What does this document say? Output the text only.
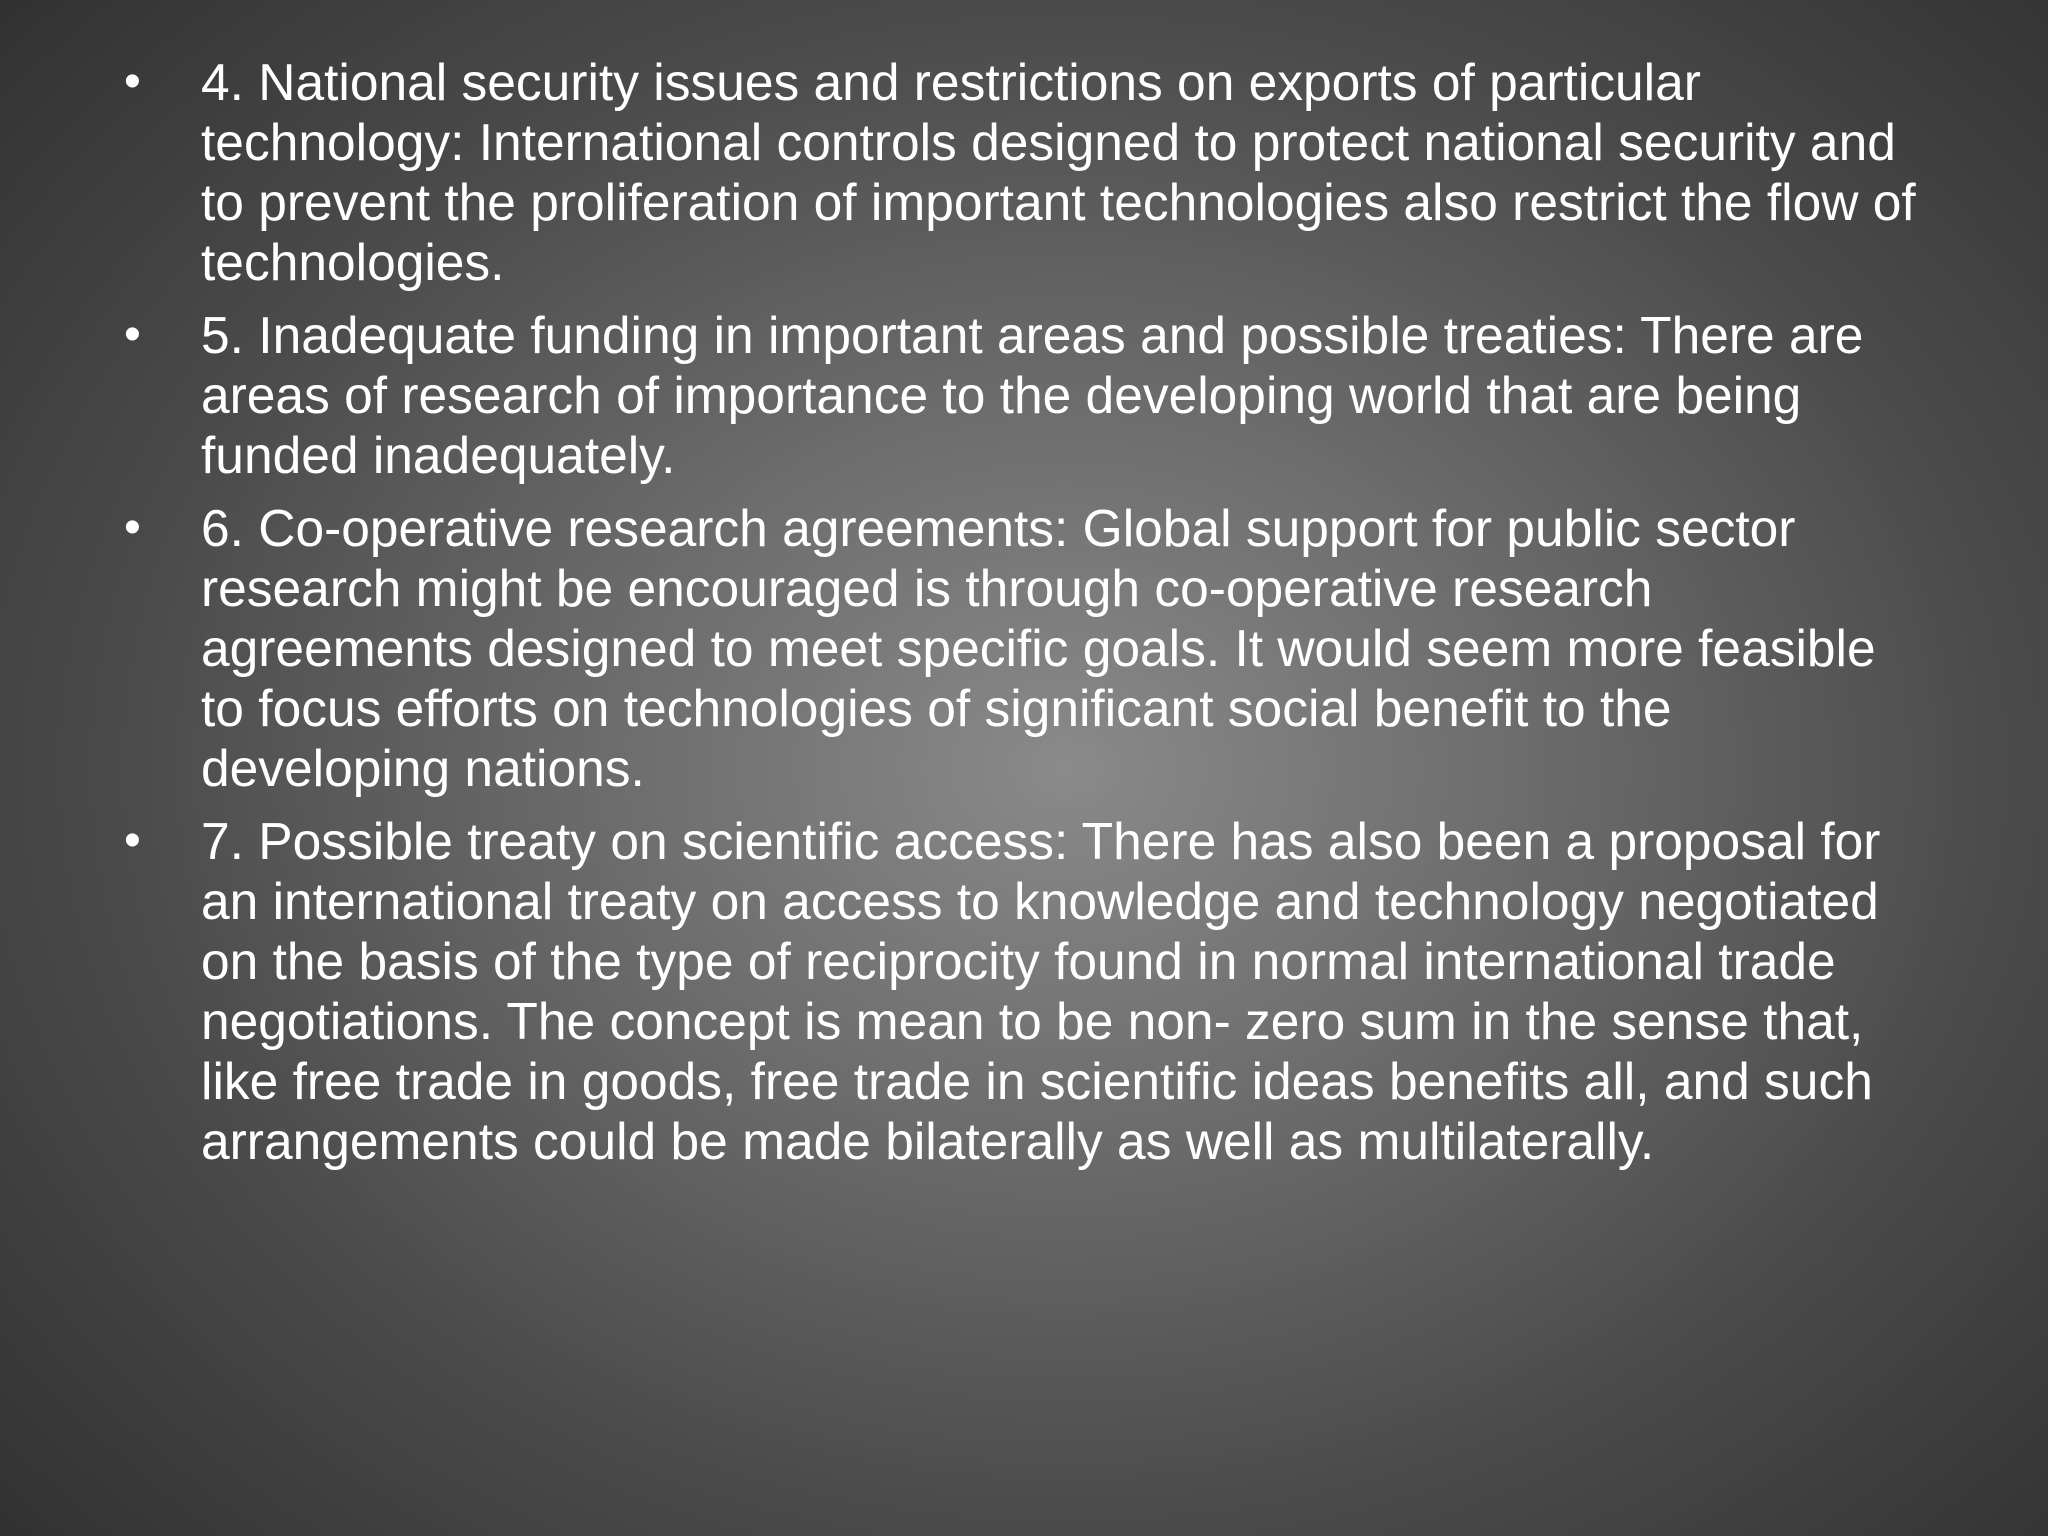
•	4. National security issues and restrictions on exports of particular technology: International controls designed to protect national security and to prevent the proliferation of important technologies also restrict the flow of technologies.
•	5. Inadequate funding in important areas and possible treaties: There are areas of research of importance to the developing world that are being funded inadequately.
•	6. Co-operative research agreements: Global support for public sector research might be encouraged is through co-operative research agreements designed to meet specific goals. It would seem more feasible to focus efforts on technologies of significant social benefit to the developing nations.
•	7. Possible treaty on scientific access: There has also been a proposal for an international treaty on access to knowledge and technology negotiated on the basis of the type of reciprocity found in normal international trade negotiations. The concept is mean to be non- zero sum in the sense that, like free trade in goods, free trade in scientific ideas benefits all, and such arrangements could be made bilaterally as well as multilaterally.
